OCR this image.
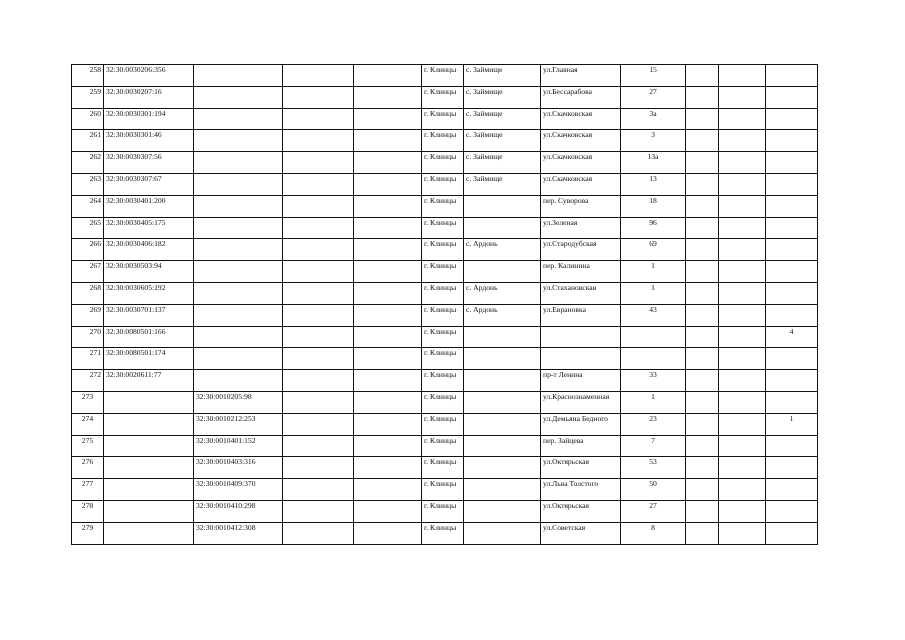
258	32:30:0030206:356				г. Клинцы	с. Займище	ул.Главная	15			
259	32:30:0030207:16				г. Клинцы	с. Займище	ул.Бессарабова	27			
260	32:30:0030301:194				г. Клинцы	с. Займище	ул.Скачковская	3а			
261	32:30:0030301:46				г. Клинцы	с. Займище	ул.Скачковская	3			
262	32:30:0030307:56				г. Клинцы	с. Займище	ул.Скачковская	13а			
263	32:30:0030307:67				г. Клинцы	с. Займище	ул.Скачковская	13			
264	32:30:0030401:200				г. Клинцы		пер. Суворова	18			
265	32:30:0030405:175				г. Клинцы		ул.Зеленая	96			
266	32:30:0030406:182				г. Клинцы	с. Ардонь	ул.Стародубская	69			
267	32:30:0030503:94				г. Клинцы		пер. Калинина	1			
268	32:30:0030605:192				г. Клинцы	с. Ардонь	ул.Стахановская	1			
269	32:30:0030701:137				г. Клинцы	с. Ардонь	ул.Еврановка	43			
270	32:30:0080501:166				г. Клинцы						4
271	32:30:0080501:174				г. Клинцы						
272	32:30:0020611:77				г. Клинцы		пр-т Ленина	33			
273		32:30:0010205:98			г. Клинцы		ул.Краснознаменная	1			
274		32:30:0010212:253			г. Клинцы		ул.Демьяна Бедного	23			1
275		32:30:0010401:152			г. Клинцы		пер. Зайцева	7			
276		32:30:0010403:316			г. Клинцы		ул.Октярьская	53			
277		32:30:0010409:370			г. Клинцы		ул.Льва Толстого	50			
278		32:30:0010410:298			г. Клинцы		ул.Октярьская	27			
279		32:30:0010412:308			г. Клинцы		ул.Советская	8			
